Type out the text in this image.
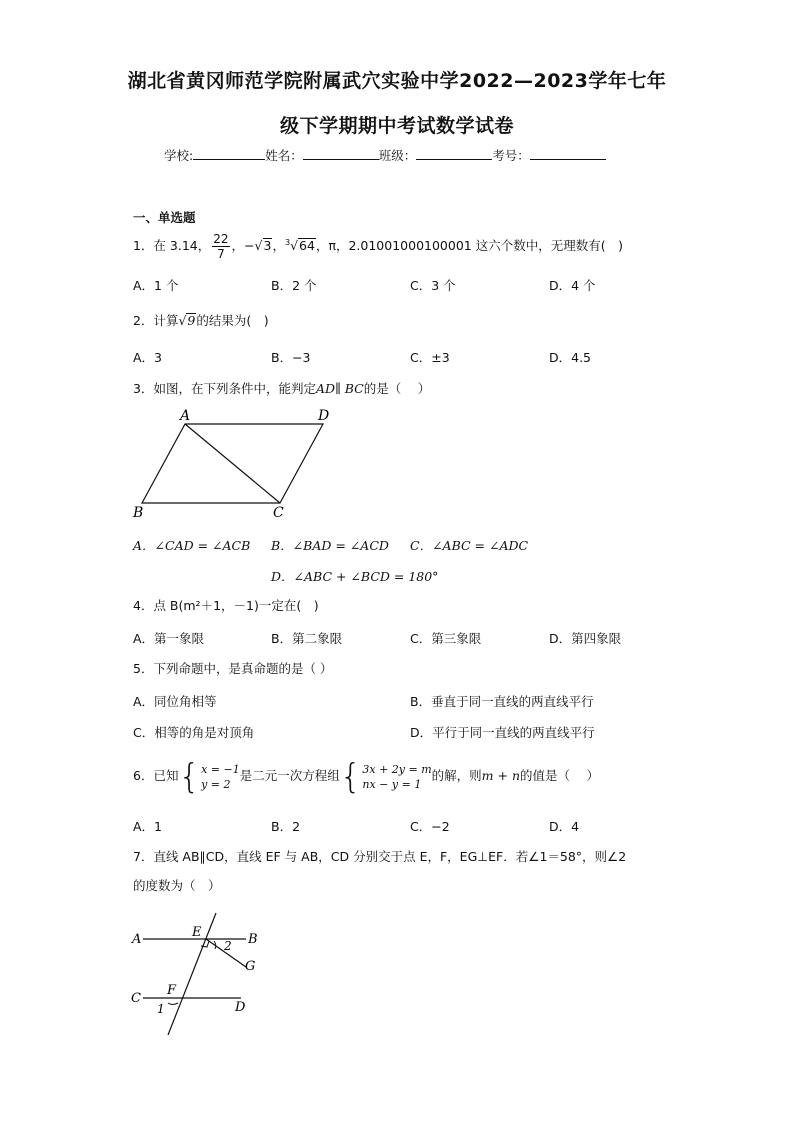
湖北省黄冈师范学院附属武穴实验中学2022—2023学年七年
级下学期期中考试数学试卷
学校:	姓名：	班级：	考号：
一、单选题
1．在 3.14， $\frac{22}{7}$ ，−√3，$^3$√64，π，2.01001000100001 这六个数中，无理数有(　)
A．1 个	B．2 个	C．3 个	D．4 个
2．计算√9的结果为(　)
A．3	B．−3	C．±3	D．4.5
3．如图，在下列条件中，能判定AD∥ BC的是（　 ）
A	D
B	C
A．∠CAD = ∠ACB B．∠BAD = ∠ACD C．∠ABC = ∠ADC
D．∠ABC + ∠BCD = 180°
4．点 B(m²＋1，－1)一定在(　)
A．第一象限	B．第二象限	C．第三象限	D．第四象限
5．下列命题中，是真命题的是（ ）
A．同位角相等	B．垂直于同一直线的两直线平行
C．相等的角是对顶角	D．平行于同一直线的两直线平行
6．已知{ x = −1
y = 2
是二元一次方程组{ 3x + 2y = m
nx − y = 1
的解，则m + n的值是（　 ）
A．1	B．2	C．−2	D．4
7．直线 AB∥CD，直线 EF 与 AB，CD 分别交于点 E，F，EG⊥EF．若∠1＝58°，则∠2
的度数为（　）
A	E	B
2
G
C
F
1	D
